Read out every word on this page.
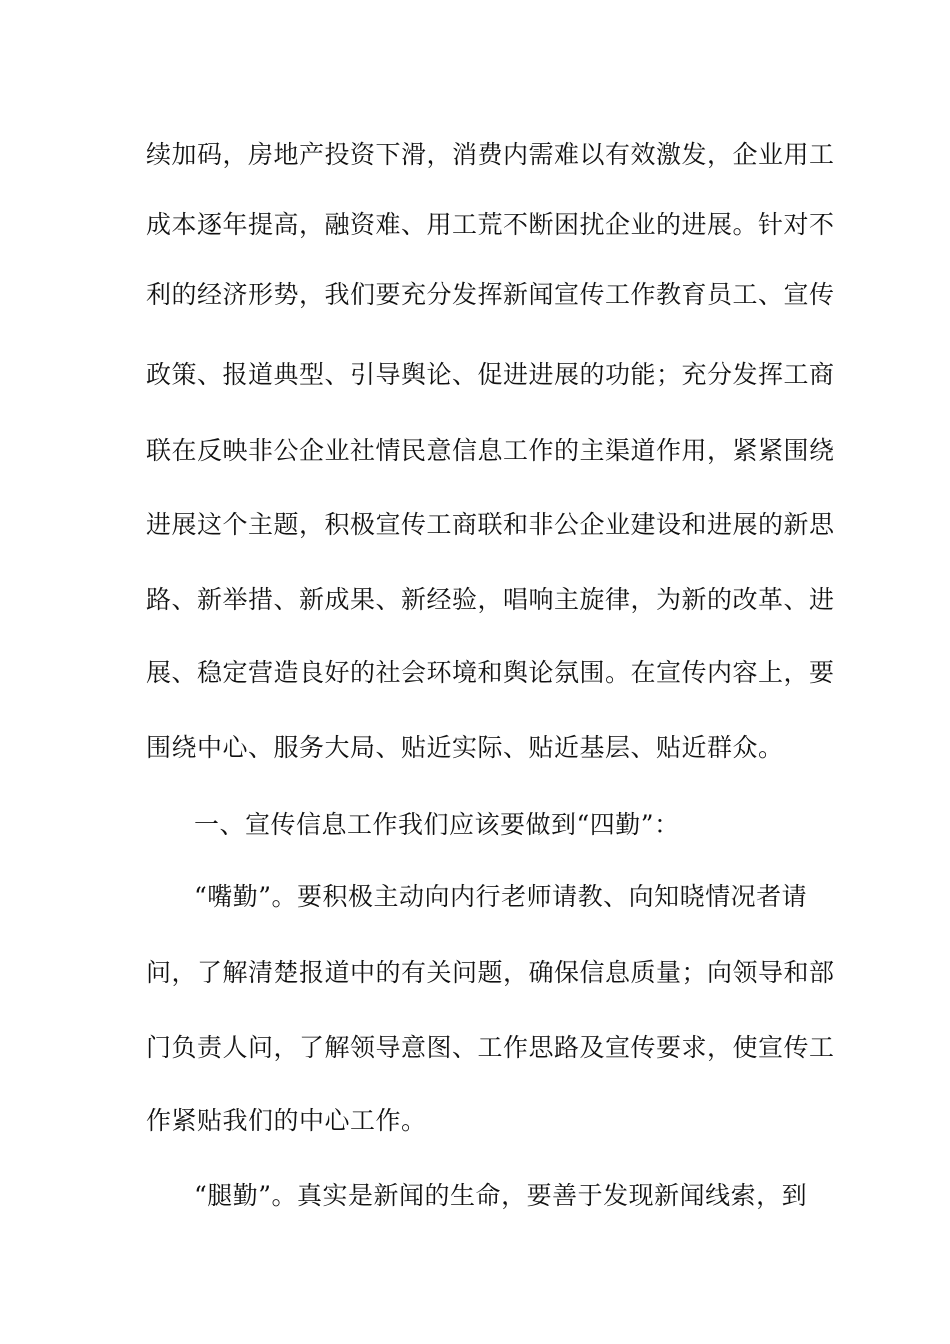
续加码，房地产投资下滑，消费内需难以有效激发，企业用工
成本逐年提高，融资难、用工荒不断困扰企业的进展。针对不
利的经济形势，我们要充分发挥新闻宣传工作教育员工、宣传
政策、报道典型、引导舆论、促进进展的功能；充分发挥工商
联在反映非公企业社情民意信息工作的主渠道作用，紧紧围绕
进展这个主题，积极宣传工商联和非公企业建设和进展的新思
路、新举措、新成果、新经验，唱响主旋律，为新的改革、进
展、稳定营造良好的社会环境和舆论氛围。在宣传内容上，要
围绕中心、服务大局、贴近实际、贴近基层、贴近群众。
一、宣传信息工作我们应该要做到“四勤”：
“嘴勤”。要积极主动向内行老师请教、向知晓情况者请
问，了解清楚报道中的有关问题，确保信息质量；向领导和部
门负责人问，了解领导意图、工作思路及宣传要求，使宣传工
作紧贴我们的中心工作。
“腿勤”。真实是新闻的生命，要善于发现新闻线索，到
